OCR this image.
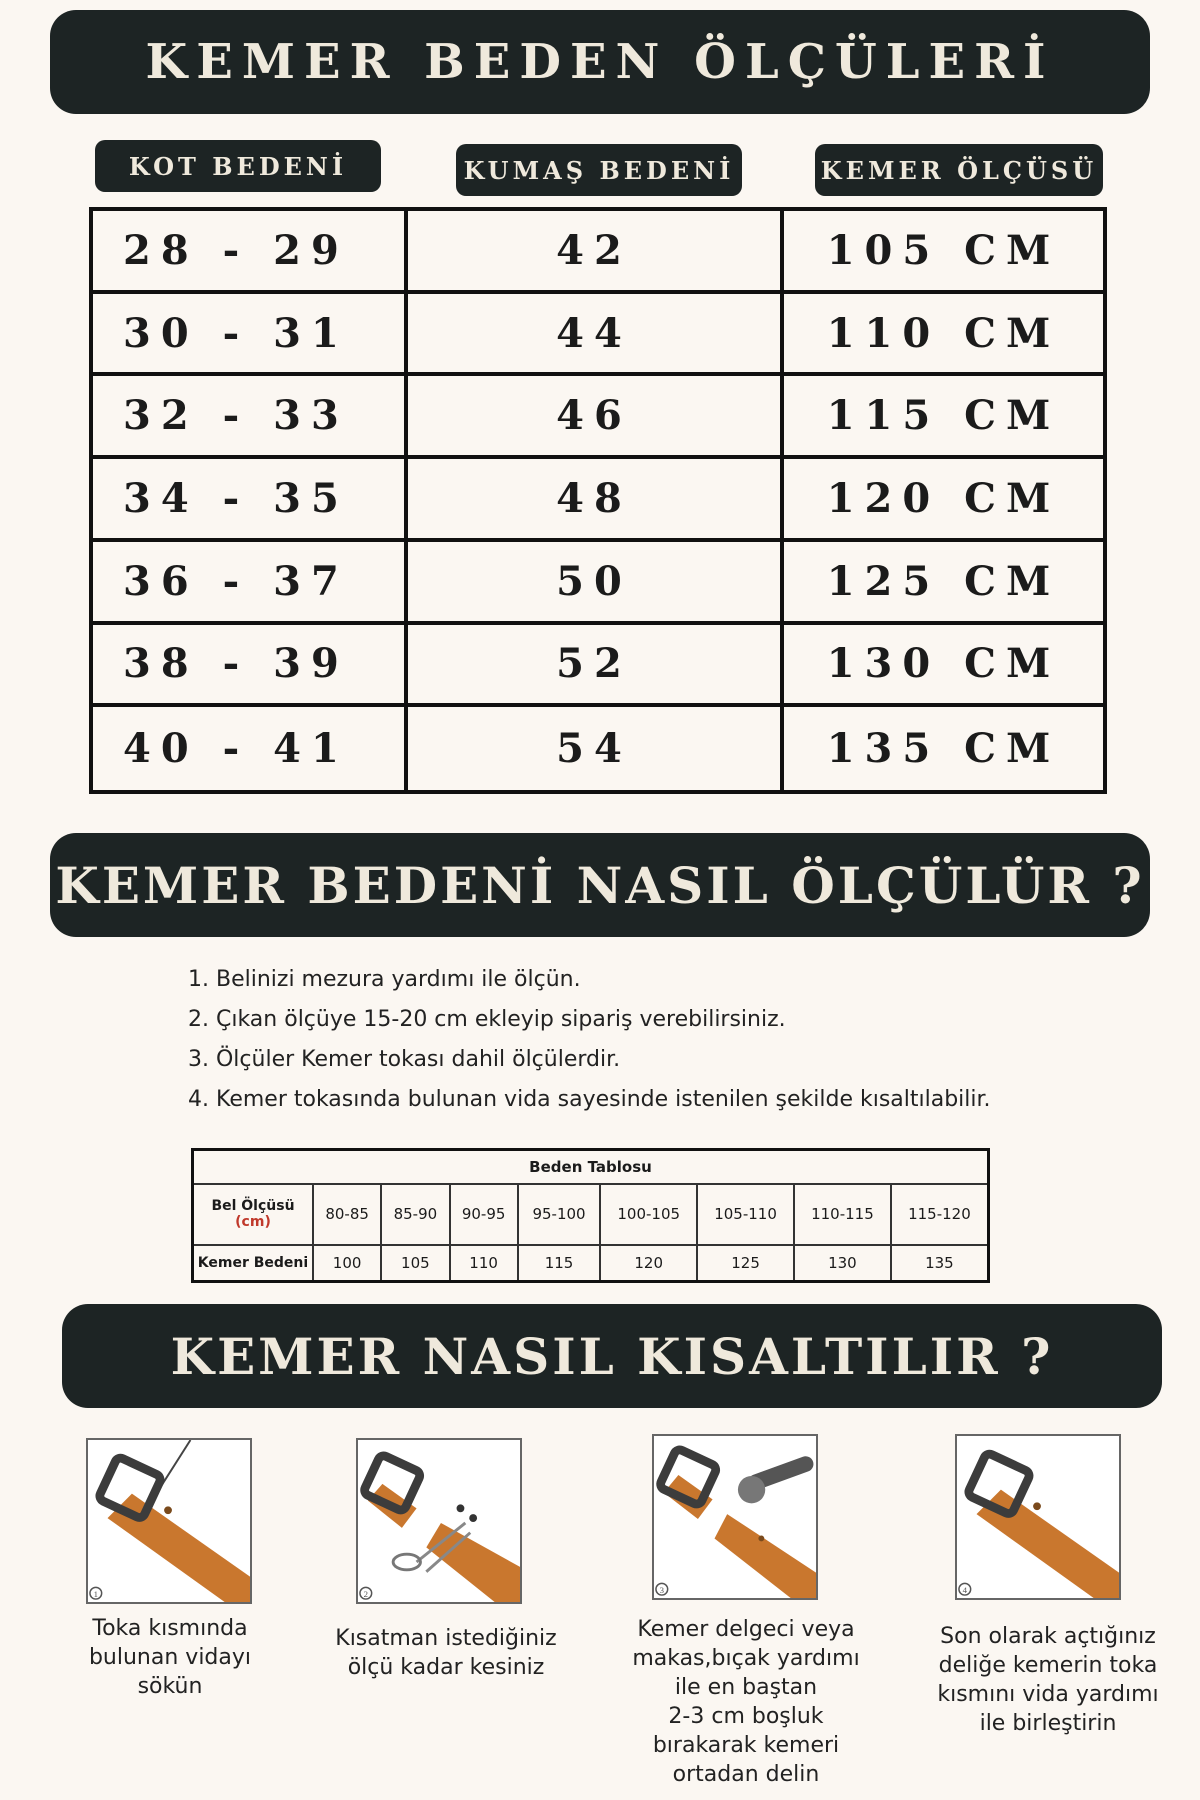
KEMER BEDEN ÖLÇÜLERİ
KOT BEDENİ	KUMAŞ BEDENİ	KEMER ÖLÇÜSÜ
28 - 29	42	105 CM
30 - 31	44	110 CM
32 - 33	46	115 CM
34 - 35	48	120 CM
36 - 37	50	125 CM
38 - 39	52	130 CM
40 - 41	54	135 CM
KEMER BEDENİ NASIL ÖLÇÜLÜR ?
1. Belinizi mezura yardımı ile ölçün.
2. Çıkan ölçüye 15-20 cm ekleyip sipariş verebilirsiniz.
3. Ölçüler Kemer tokası dahil ölçülerdir.
4. Kemer tokasında bulunan vida sayesinde istenilen şekilde kısaltılabilir.
Beden Tablosu								
Bel Ölçüsü
(cm)	80-85	85-90	90-95	95-100	100-105	105-110	110-115	115-120
Kemer Bedeni	100	105	110	115	120	125	130	135
KEMER NASIL KISALTILIR ?
1	2	3	4
Toka kısmında
bulunan vidayı
sökün
Kısatman istediğiniz
ölçü kadar kesiniz
Kemer delgeci veya
makas,bıçak yardımı
ile en baştan
2-3 cm boşluk
bırakarak kemeri
ortadan delin
Son olarak açtığınız
deliğe kemerin toka
kısmını vida yardımı
ile birleştirin
